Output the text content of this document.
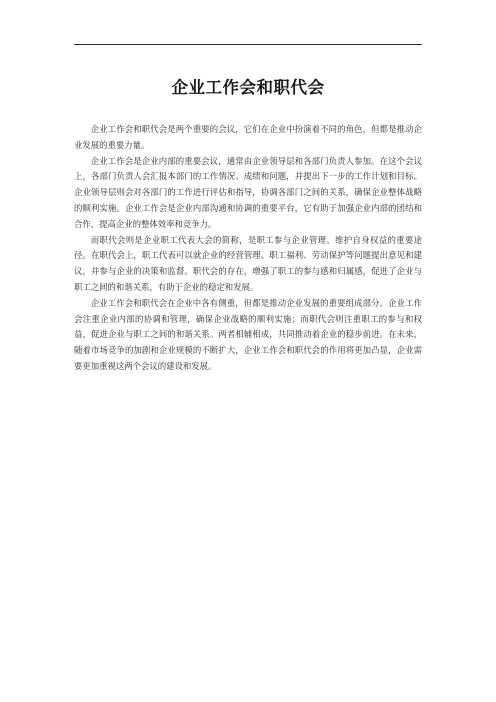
企业工作会和职代会

企业工作会和职代会是两个重要的会议，它们在企业中扮演着不同的角色，但都是推动企业发展的重要力量。

企业工作会是企业内部的重要会议，通常由企业领导层和各部门负责人参加。在这个会议上，各部门负责人会汇报本部门的工作情况、成绩和问题，并提出下一步的工作计划和目标。企业领导层则会对各部门的工作进行评估和指导，协调各部门之间的关系，确保企业整体战略的顺利实施。企业工作会是企业内部沟通和协调的重要平台，它有助于加强企业内部的团结和合作，提高企业的整体效率和竞争力。

而职代会则是企业职工代表大会的简称，是职工参与企业管理、维护自身权益的重要途径。在职代会上，职工代表可以就企业的经营管理、职工福利、劳动保护等问题提出意见和建议，并参与企业的决策和监督。职代会的存在，增强了职工的参与感和归属感，促进了企业与职工之间的和谐关系，有助于企业的稳定和发展。

企业工作会和职代会在企业中各有侧重，但都是推动企业发展的重要组成部分。企业工作会注重企业内部的协调和管理，确保企业战略的顺利实施；而职代会则注重职工的参与和权益，促进企业与职工之间的和谐关系。两者相辅相成，共同推动着企业的稳步前进。在未来，随着市场竞争的加剧和企业规模的不断扩大，企业工作会和职代会的作用将更加凸显，企业需要更加重视这两个会议的建设和发展。
